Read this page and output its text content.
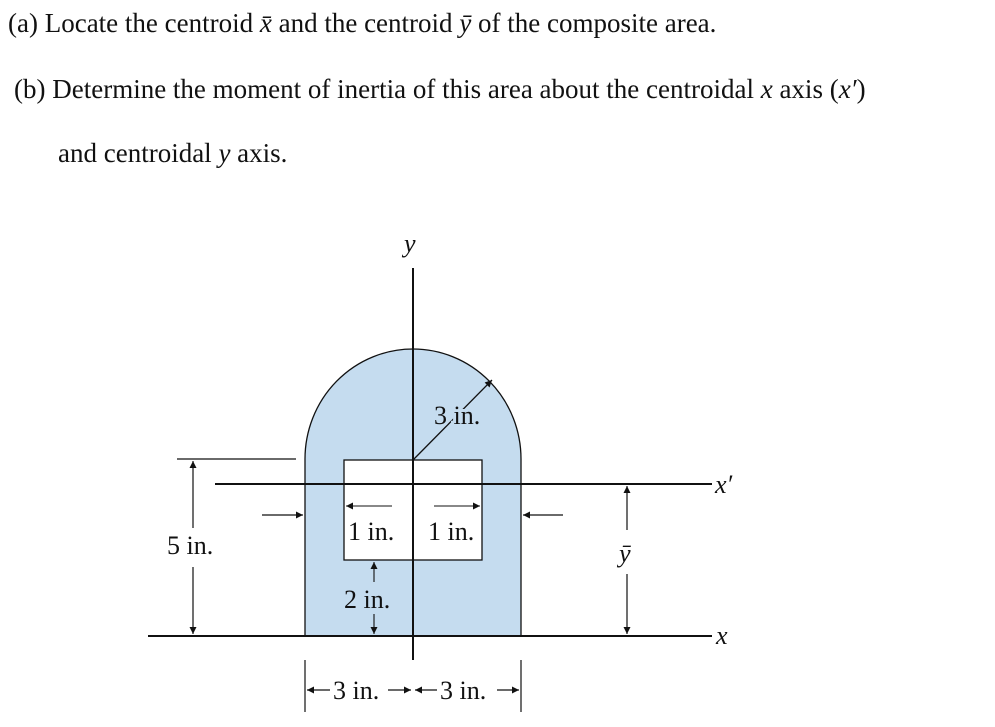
(a) Locate the centroid x̄ and the centroid ȳ of the composite area.
(b) Determine the moment of inertia of this area about the centroidal x axis (x′)
and centroidal y axis.
y
x
x′
3 in.
5 in.	1 in. 1 in.
2 in.
ȳ
3 in. 3 in.
